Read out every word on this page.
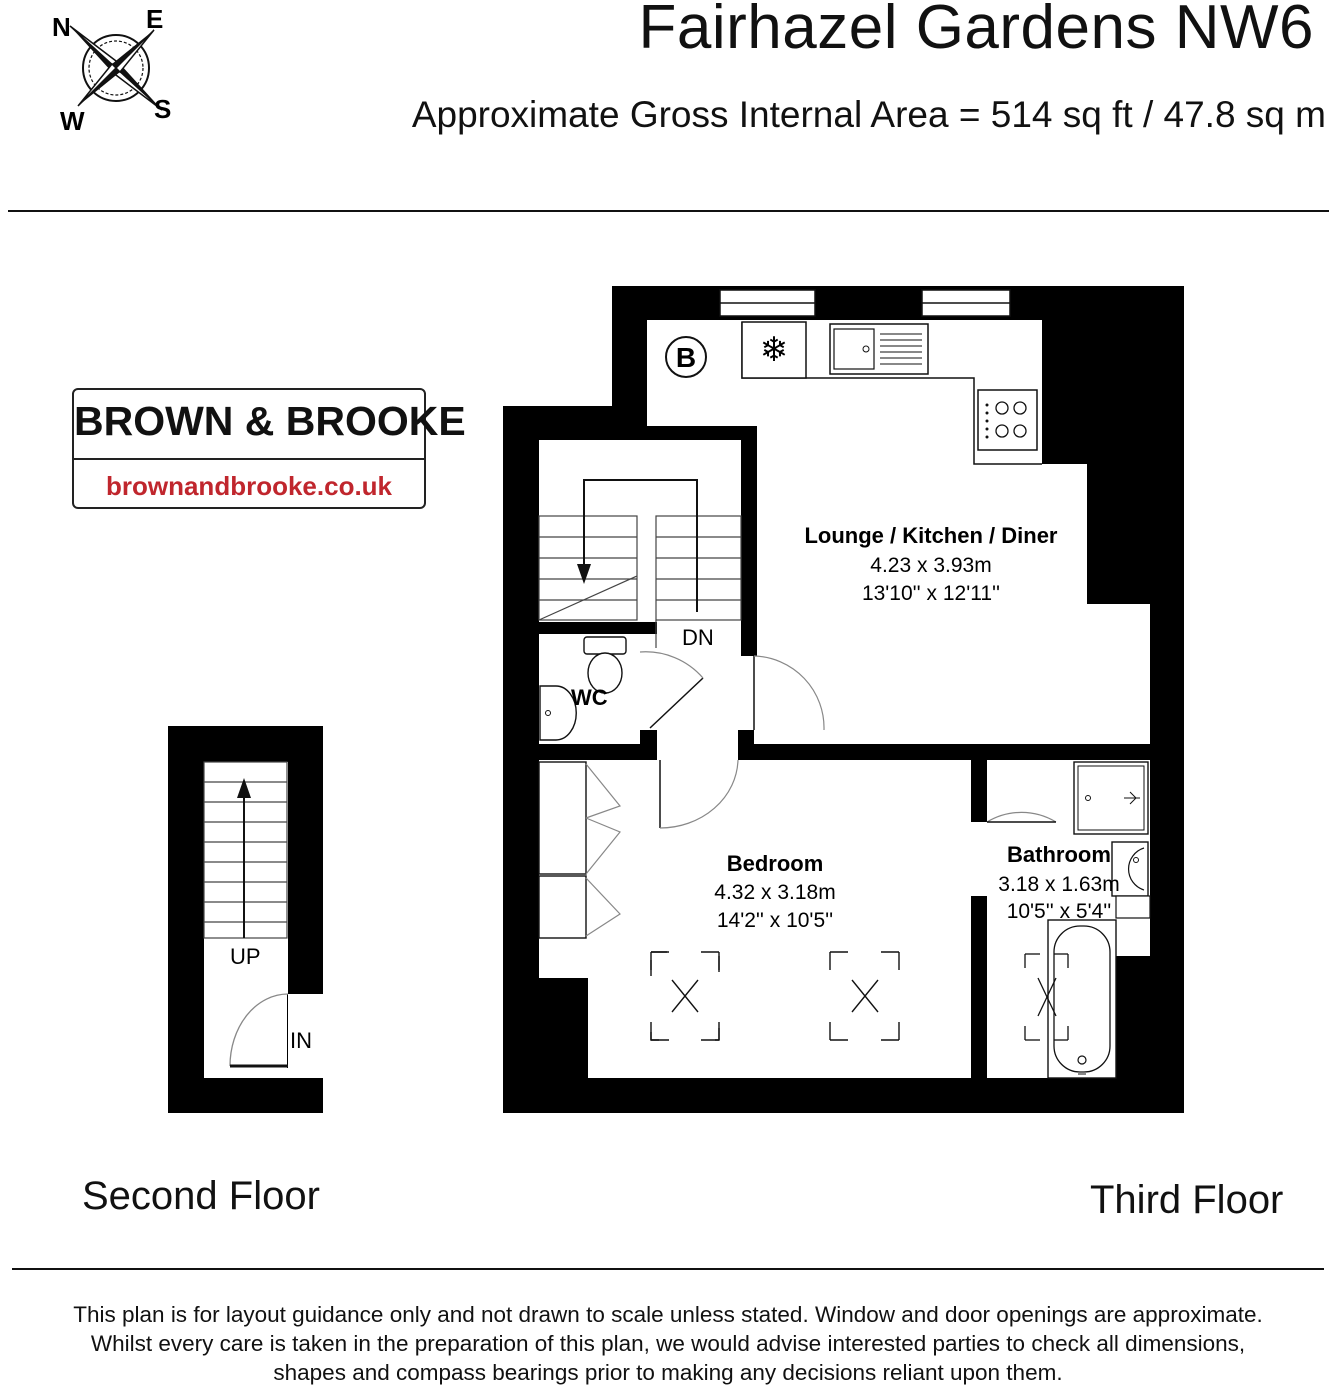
Fairhazel Gardens NW6
Approximate Gross Internal Area = 514 sq ft / 47.8 sq m
N	E
S
W
BROWN & BROOKE
brownandbrooke.co.uk
UP
IN
❄
B
DN
WC
Lounge / Kitchen / Diner
4.23 x 3.93m
13'10'' x 12'11''
Bedroom
4.32 x 3.18m
14'2'' x 10'5''
Bathroom
3.18 x 1.63m
10'5'' x 5'4''
Second Floor	Third Floor
This plan is for layout guidance only and not drawn to scale unless stated. Window and door openings are approximate.
Whilst every care is taken in the preparation of this plan, we would advise interested parties to check all dimensions,
shapes and compass bearings prior to making any decisions reliant upon them.
